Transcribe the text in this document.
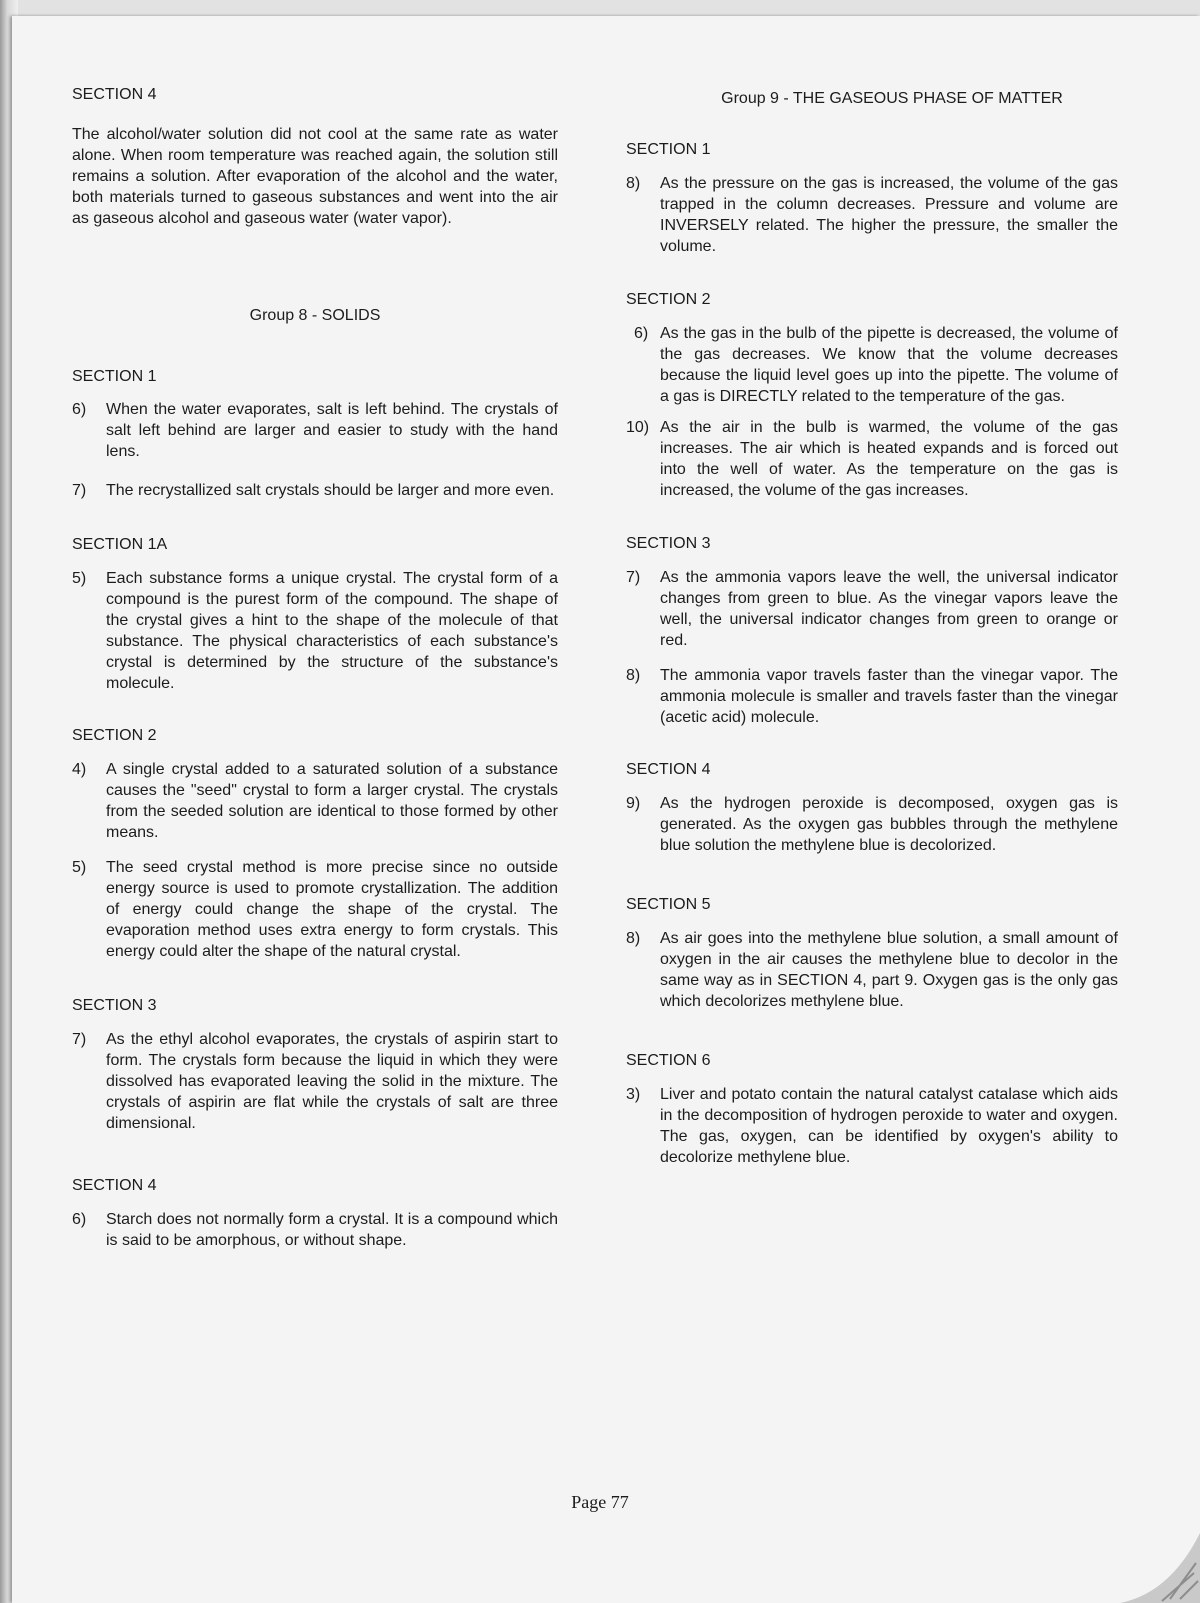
SECTION 4
The alcohol/water solution did not cool at the same rate as water alone. When room temperature was reached again, the solution still remains a solution. After evaporation of the alcohol and the water, both materials turned to gaseous substances and went into the air as gaseous alcohol and gaseous water (water vapor).
Group 8 - SOLIDS
SECTION 1
6)	When the water evaporates, salt is left behind. The crystals of salt left behind are larger and easier to study with the hand lens.
7)	The recrystallized salt crystals should be larger and more even.
SECTION 1A
5)	Each substance forms a unique crystal. The crystal form of a compound is the purest form of the compound. The shape of the crystal gives a hint to the shape of the molecule of that substance. The physical characteristics of each substance's crystal is determined by the structure of the substance's molecule.
SECTION 2
4)	A single crystal added to a saturated solution of a substance causes the "seed" crystal to form a larger crystal. The crystals from the seeded solution are identical to those formed by other means.
5)	The seed crystal method is more precise since no outside energy source is used to promote crystallization. The addition of energy could change the shape of the crystal. The evaporation method uses extra energy to form crystals. This energy could alter the shape of the natural crystal.
SECTION 3
7)	As the ethyl alcohol evaporates, the crystals of aspirin start to form. The crystals form because the liquid in which they were dissolved has evaporated leaving the solid in the mixture. The crystals of aspirin are flat while the crystals of salt are three dimensional.
SECTION 4
6)	Starch does not normally form a crystal. It is a compound which is said to be amorphous, or without shape.
Group 9 - THE GASEOUS PHASE OF MATTER
SECTION 1
8)	As the pressure on the gas is increased, the volume of the gas trapped in the column decreases. Pressure and volume are INVERSELY related. The higher the pressure, the smaller the volume.
SECTION 2
6) As the gas in the bulb of the pipette is decreased, the volume of the gas decreases. We know that the volume decreases because the liquid level goes up into the pipette. The volume of a gas is DIRECTLY related to the temperature of the gas.
10) As the air in the bulb is warmed, the volume of the gas increases. The air which is heated expands and is forced out into the well of water. As the temperature on the gas is increased, the volume of the gas increases.
SECTION 3
7)	As the ammonia vapors leave the well, the universal indicator changes from green to blue. As the vinegar vapors leave the well, the universal indicator changes from green to orange or red.
8)	The ammonia vapor travels faster than the vinegar vapor. The ammonia molecule is smaller and travels faster than the vinegar (acetic acid) molecule.
SECTION 4
9)	As the hydrogen peroxide is decomposed, oxygen gas is generated. As the oxygen gas bubbles through the methylene blue solution the methylene blue is decolorized.
SECTION 5
8)	As air goes into the methylene blue solution, a small amount of oxygen in the air causes the methylene blue to decolor in the same way as in SECTION 4, part 9. Oxygen gas is the only gas which decolorizes methylene blue.
SECTION 6
3)	Liver and potato contain the natural catalyst catalase which aids in the decomposition of hydrogen peroxide to water and oxygen. The gas, oxygen, can be identified by oxygen's ability to decolorize methylene blue.
Page 77
